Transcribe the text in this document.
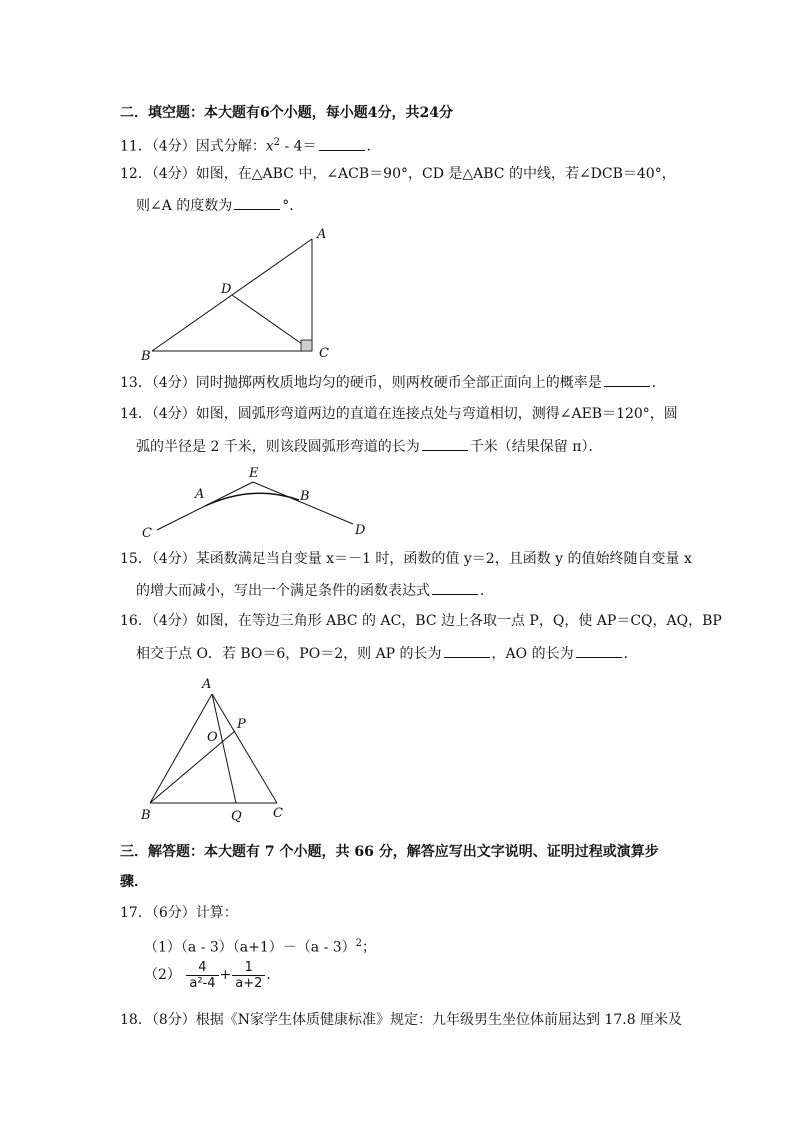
二．填空题：本大题有6个小题，每小题4分，共24分
11．（4分）因式分解：$x^2 - 4=$	．
12．（4分）如图，在△ABC 中，∠ACB＝90°，CD 是△ABC 的中线，若∠DCB＝40°，
则∠A 的度数为	°．
A
B	C
D
13．（4分）同时抛掷两枚质地均匀的硬币，则两枚硬币全部正面向上的概率是	．
14．（4分）如图，圆弧形弯道两边的直道在连接点处与弯道相切，测得∠AEB＝120°，圆
弧的半径是 2 千米，则该段圆弧形弯道的长为	千米（结果保留 π）．
A
E
B
C	D
15．（4分）某函数满足当自变量 x＝－1 时，函数的值 y＝2，且函数 y 的值始终随自变量 x
的增大而减小，写出一个满足条件的函数表达式	．
16．（4分）如图，在等边三角形 ABC 的 AC，BC 边上各取一点 P，Q，使 AP＝CQ，AQ，BP
相交于点 O．若 BO＝6，PO＝2，则 AP 的长为	，AO 的长为	．
A
B	C
O
P
Q
三．解答题：本大题有 7 个小题，共 66 分，解答应写出文字说明、证明过程或演算步
骤．
17．（6分）计算：
（1）（a - 3）（a+1）－（a - 3）$^2$；
$(2) \frac{4}{\text{a²-4}} + \frac{1}{a+2}$ ．
18．（8分）根据《N家学生体质健康标准》规定：九年级男生坐位体前屈达到 17.8 厘米及
